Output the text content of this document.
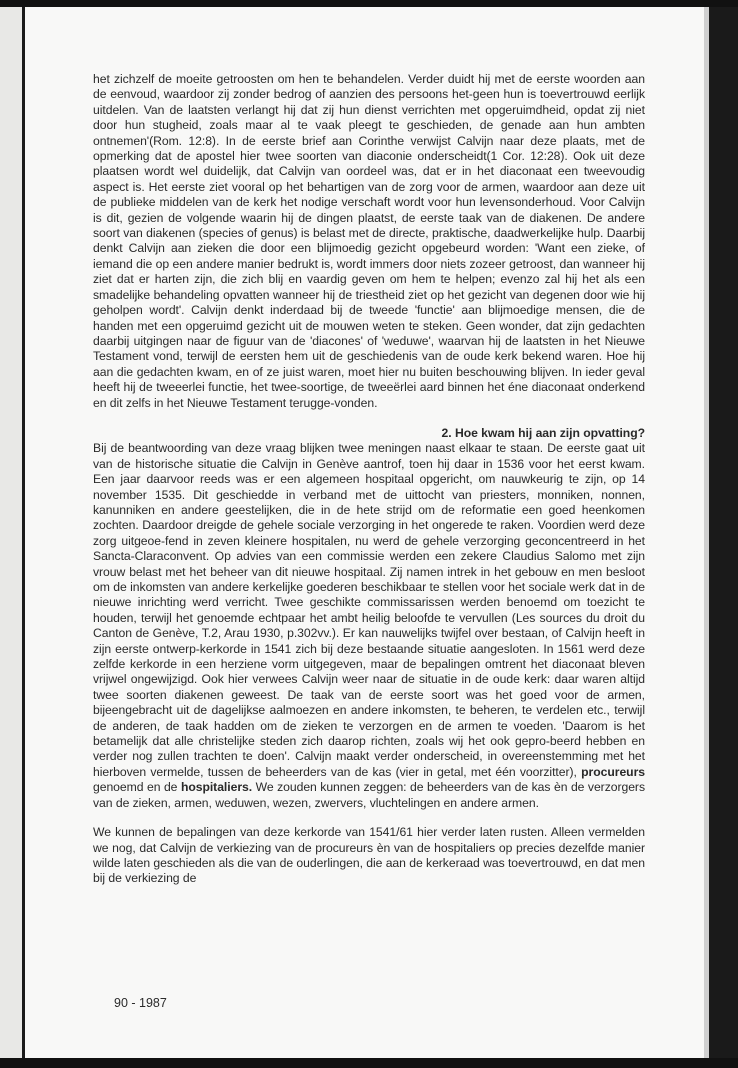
het zichzelf de moeite getroosten om hen te behandelen. Verder duidt hij met de eerste woorden aan de eenvoud, waardoor zij zonder bedrog of aanzien des persoons het-geen hun is toevertrouwd eerlijk uitdelen. Van de laatsten verlangt hij dat zij hun dienst verrichten met opgeruimdheid, opdat zij niet door hun stugheid, zoals maar al te vaak pleegt te geschieden, de genade aan hun ambten ontnemen'(Rom. 12:8). In de eerste brief aan Corinthe verwijst Calvijn naar deze plaats, met de opmerking dat de apostel hier twee soorten van diaconie onderscheidt(1 Cor. 12:28). Ook uit deze plaatsen wordt wel duidelijk, dat Calvijn van oordeel was, dat er in het diaconaat een tweevoudig aspect is. Het eerste ziet vooral op het behartigen van de zorg voor de armen, waardoor aan deze uit de publieke middelen van de kerk het nodige verschaft wordt voor hun levensonderhoud. Voor Calvijn is dit, gezien de volgende waarin hij de dingen plaatst, de eerste taak van de diakenen. De andere soort van diakenen (species of genus) is belast met de directe, praktische, daadwerkelijke hulp. Daarbij denkt Calvijn aan zieken die door een blijmoedig gezicht opgebeurd worden: 'Want een zieke, of iemand die op een andere manier bedrukt is, wordt immers door niets zozeer getroost, dan wanneer hij ziet dat er harten zijn, die zich blij en vaardig geven om hem te helpen; evenzo zal hij het als een smadelijke behandeling opvatten wanneer hij de triestheid ziet op het gezicht van degenen door wie hij geholpen wordt'. Calvijn denkt inderdaad bij de tweede 'functie' aan blijmoedige mensen, die de handen met een opgeruimd gezicht uit de mouwen weten te steken. Geen wonder, dat zijn gedachten daarbij uitgingen naar de figuur van de 'diacones' of 'weduwe', waarvan hij de laatsten in het Nieuwe Testament vond, terwijl de eersten hem uit de geschiedenis van de oude kerk bekend waren. Hoe hij aan die gedachten kwam, en of ze juist waren, moet hier nu buiten beschouwing blijven. In ieder geval heeft hij de tweeerlei functie, het twee-soortige, de tweeërlei aard binnen het éne diaconaat onderkend en dit zelfs in het Nieuwe Testament terugge-vonden.

2. Hoe kwam hij aan zijn opvatting?

Bij de beantwoording van deze vraag blijken twee meningen naast elkaar te staan. De eerste gaat uit van de historische situatie die Calvijn in Genève aantrof, toen hij daar in 1536 voor het eerst kwam. Een jaar daarvoor reeds was er een algemeen hospitaal opgericht, om nauwkeurig te zijn, op 14 november 1535. Dit geschiedde in verband met de uittocht van priesters, monniken, nonnen, kanunniken en andere geestelijken, die in de hete strijd om de reformatie een goed heenkomen zochten. Daardoor dreigde de gehele sociale verzorging in het ongerede te raken. Voordien werd deze zorg uitgeoe-fend in zeven kleinere hospitalen, nu werd de gehele verzorging geconcentreerd in het Sancta-Claraconvent. Op advies van een commissie werden een zekere Claudius Salomo met zijn vrouw belast met het beheer van dit nieuwe hospitaal. Zij namen intrek in het gebouw en men besloot om de inkomsten van andere kerkelijke goederen beschikbaar te stellen voor het sociale werk dat in de nieuwe inrichting werd verricht. Twee geschikte commissarissen werden benoemd om toezicht te houden, terwijl het genoemde echtpaar het ambt heilig beloofde te vervullen (Les sources du droit du Canton de Genève, T.2, Arau 1930, p.302vv.). Er kan nauwelijks twijfel over bestaan, of Calvijn heeft in zijn eerste ontwerp-kerkorde in 1541 zich bij deze bestaande situatie aangesloten. In 1561 werd deze zelfde kerkorde in een herziene vorm uitgegeven, maar de bepalingen omtrent het diaconaat bleven vrijwel ongewijzigd. Ook hier verwees Calvijn weer naar de situatie in de oude kerk: daar waren altijd twee soorten diakenen geweest. De taak van de eerste soort was het goed voor de armen, bijeengebracht uit de dagelijkse aalmoezen en andere inkomsten, te beheren, te verdelen etc., terwijl de anderen, de taak hadden om de zieken te verzorgen en de armen te voeden. 'Daarom is het betamelijk dat alle christelijke steden zich daarop richten, zoals wij het ook gepro-beerd hebben en verder nog zullen trachten te doen'. Calvijn maakt verder onderscheid, in overeenstemming met het hierboven vermelde, tussen de beheerders van de kas (vier in getal, met één voorzitter), procureurs genoemd en de hospitaliers. We zouden kunnen zeggen: de beheerders van de kas èn de verzorgers van de zieken, armen, weduwen, wezen, zwervers, vluchtelingen en andere armen.

We kunnen de bepalingen van deze kerkorde van 1541/61 hier verder laten rusten. Alleen vermelden we nog, dat Calvijn de verkiezing van de procureurs èn van de hospitaliers op precies dezelfde manier wilde laten geschieden als die van de ouderlingen, die aan de kerkeraad was toevertrouwd, en dat men bij de verkiezing de

90 - 1987
